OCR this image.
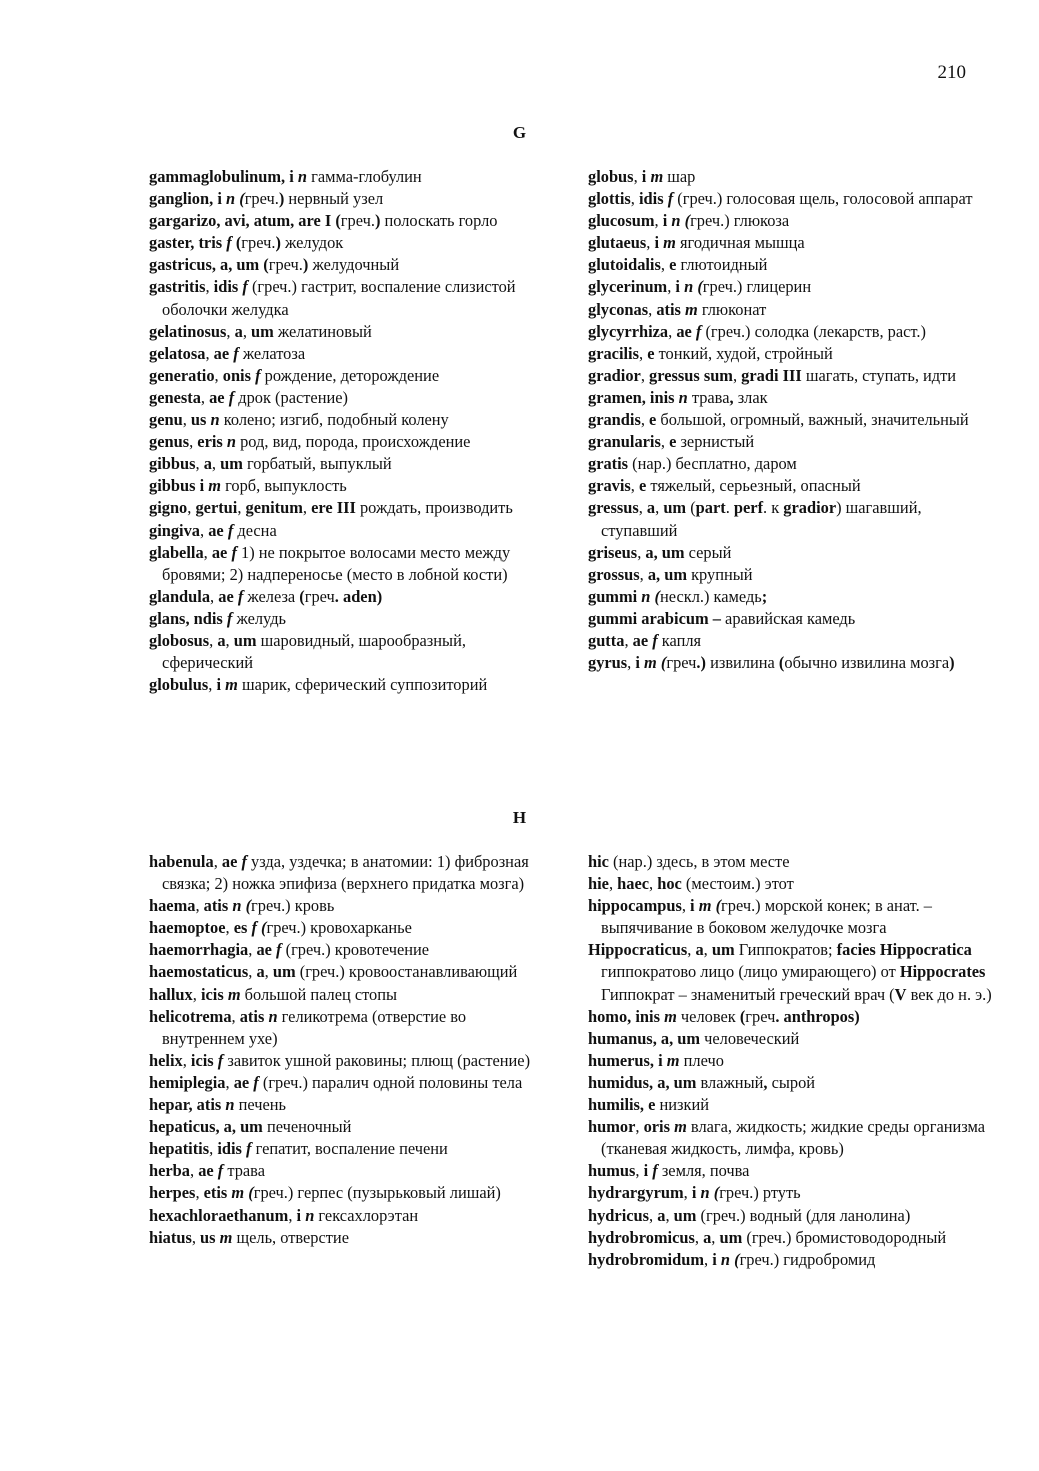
210
G
gammaglobulinum, i n гамма-глобулин
ganglion, i n (греч.) нервный узел
gargarizo, avi, atum, are I (греч.) полоскать горло
gaster, tris f (греч.) желудок
gastricus, a, um (греч.) желудочный
gastritis, idis f (греч.) гастрит, воспаление слизистой оболочки желудка
gelatinosus, a, um желатиновый
gelatosa, ae f желатоза
generatio, onis f рождение, деторождение
genesta, ae f дрок (растение)
genu, us n колено; изгиб, подобный колену
genus, eris n род, вид, порода, происхождение
gibbus, a, um горбатый, выпуклый
gibbus i m горб, выпуклость
gigno, gertui, genitum, ere III рождать, производить
gingiva, ae f десна
glabella, ae f 1) не покрытое волосами место между бровями; 2) надпереносье (место в лобной кости)
glandula, ae f железа (греч. aden)
glans, ndis f желудь
globosus, a, um шаровидный, шарообразный, сферический
globulus, i m шарик, сферический суппозиторий
globus, i m шар
glottis, idis f (греч.) голосовая щель, голосовой аппарат
glucosum, i n (греч.) глюкоза
glutaeus, i m ягодичная мышца
glutoidalis, e глютоидный
glycerinum, i n (греч.) глицерин
glyconas, atis m глюконат
glycyrrhiza, ae f (греч.) солодка (лекарств, раст.)
gracilis, e тонкий, худой, стройный
gradior, gressus sum, gradi III шагать, ступать, идти
gramen, inis n трава, злак
grandis, e большой, огромный, важный, значительный
granularis, e зернистый
gratis (нар.) бесплатно, даром
gravis, e тяжелый, серьезный, опасный
gressus, a, um (part. perf. к gradior) шагавший, ступавший
griseus, a, um серый
grossus, a, um крупный
gummi n (нескл.) камедь;
gummi arabicum – аравийская камедь
gutta, ae f капля
gyrus, i m (греч.) извилина (обычно извилина мозга)
H
habenula, ae f узда, уздечка; в анатомии: 1) фиброзная связка; 2) ножка эпифиза (верхнего придатка мозга)
haema, atis n (греч.) кровь
haemoptoe, es f (греч.) кровохарканье
haemorrhagia, ae f (греч.) кровотечение
haemostaticus, a, um (греч.) кровоостанавливающий
hallux, icis m большой палец стопы
helicotrema, atis n геликотрема (отверстие во внутреннем ухе)
helix, icis f завиток ушной раковины; плющ (растение)
hemiplegia, ae f (греч.) паралич одной половины тела
hepar, atis n печень
hepaticus, a, um печеночный
hepatitis, idis f гепатит, воспаление печени
herba, ae f трава
herpes, etis m (греч.) герпес (пузырьковый лишай)
hexachloraethanum, i n гексахлорэтан
hiatus, us m щель, отверстие
hic (нар.) здесь, в этом месте
hie, haec, hoc (местоим.) этот
hippocampus, i m (греч.) морской конек; в анат. – выпячивание в боковом желудочке мозга
Hippocraticus, a, um Гиппократов; facies Hippocratica гиппократово лицо (лицо умирающего) от Hippocrates Гиппократ – знаменитый греческий врач (V век до н. э.)
homo, inis m человек (греч. anthropos)
humanus, a, um человеческий
humerus, i m плечо
humidus, a, um влажный, сырой
humilis, e низкий
humor, oris m влага, жидкость; жидкие среды организма (тканевая жидкость, лимфа, кровь)
humus, i f земля, почва
hydrargyrum, i n (греч.) ртуть
hydricus, a, um (греч.) водный (для ланолина)
hydrobromicus, a, um (греч.) бромистоводородный
hydrobromidum, i n (греч.) гидробромид
